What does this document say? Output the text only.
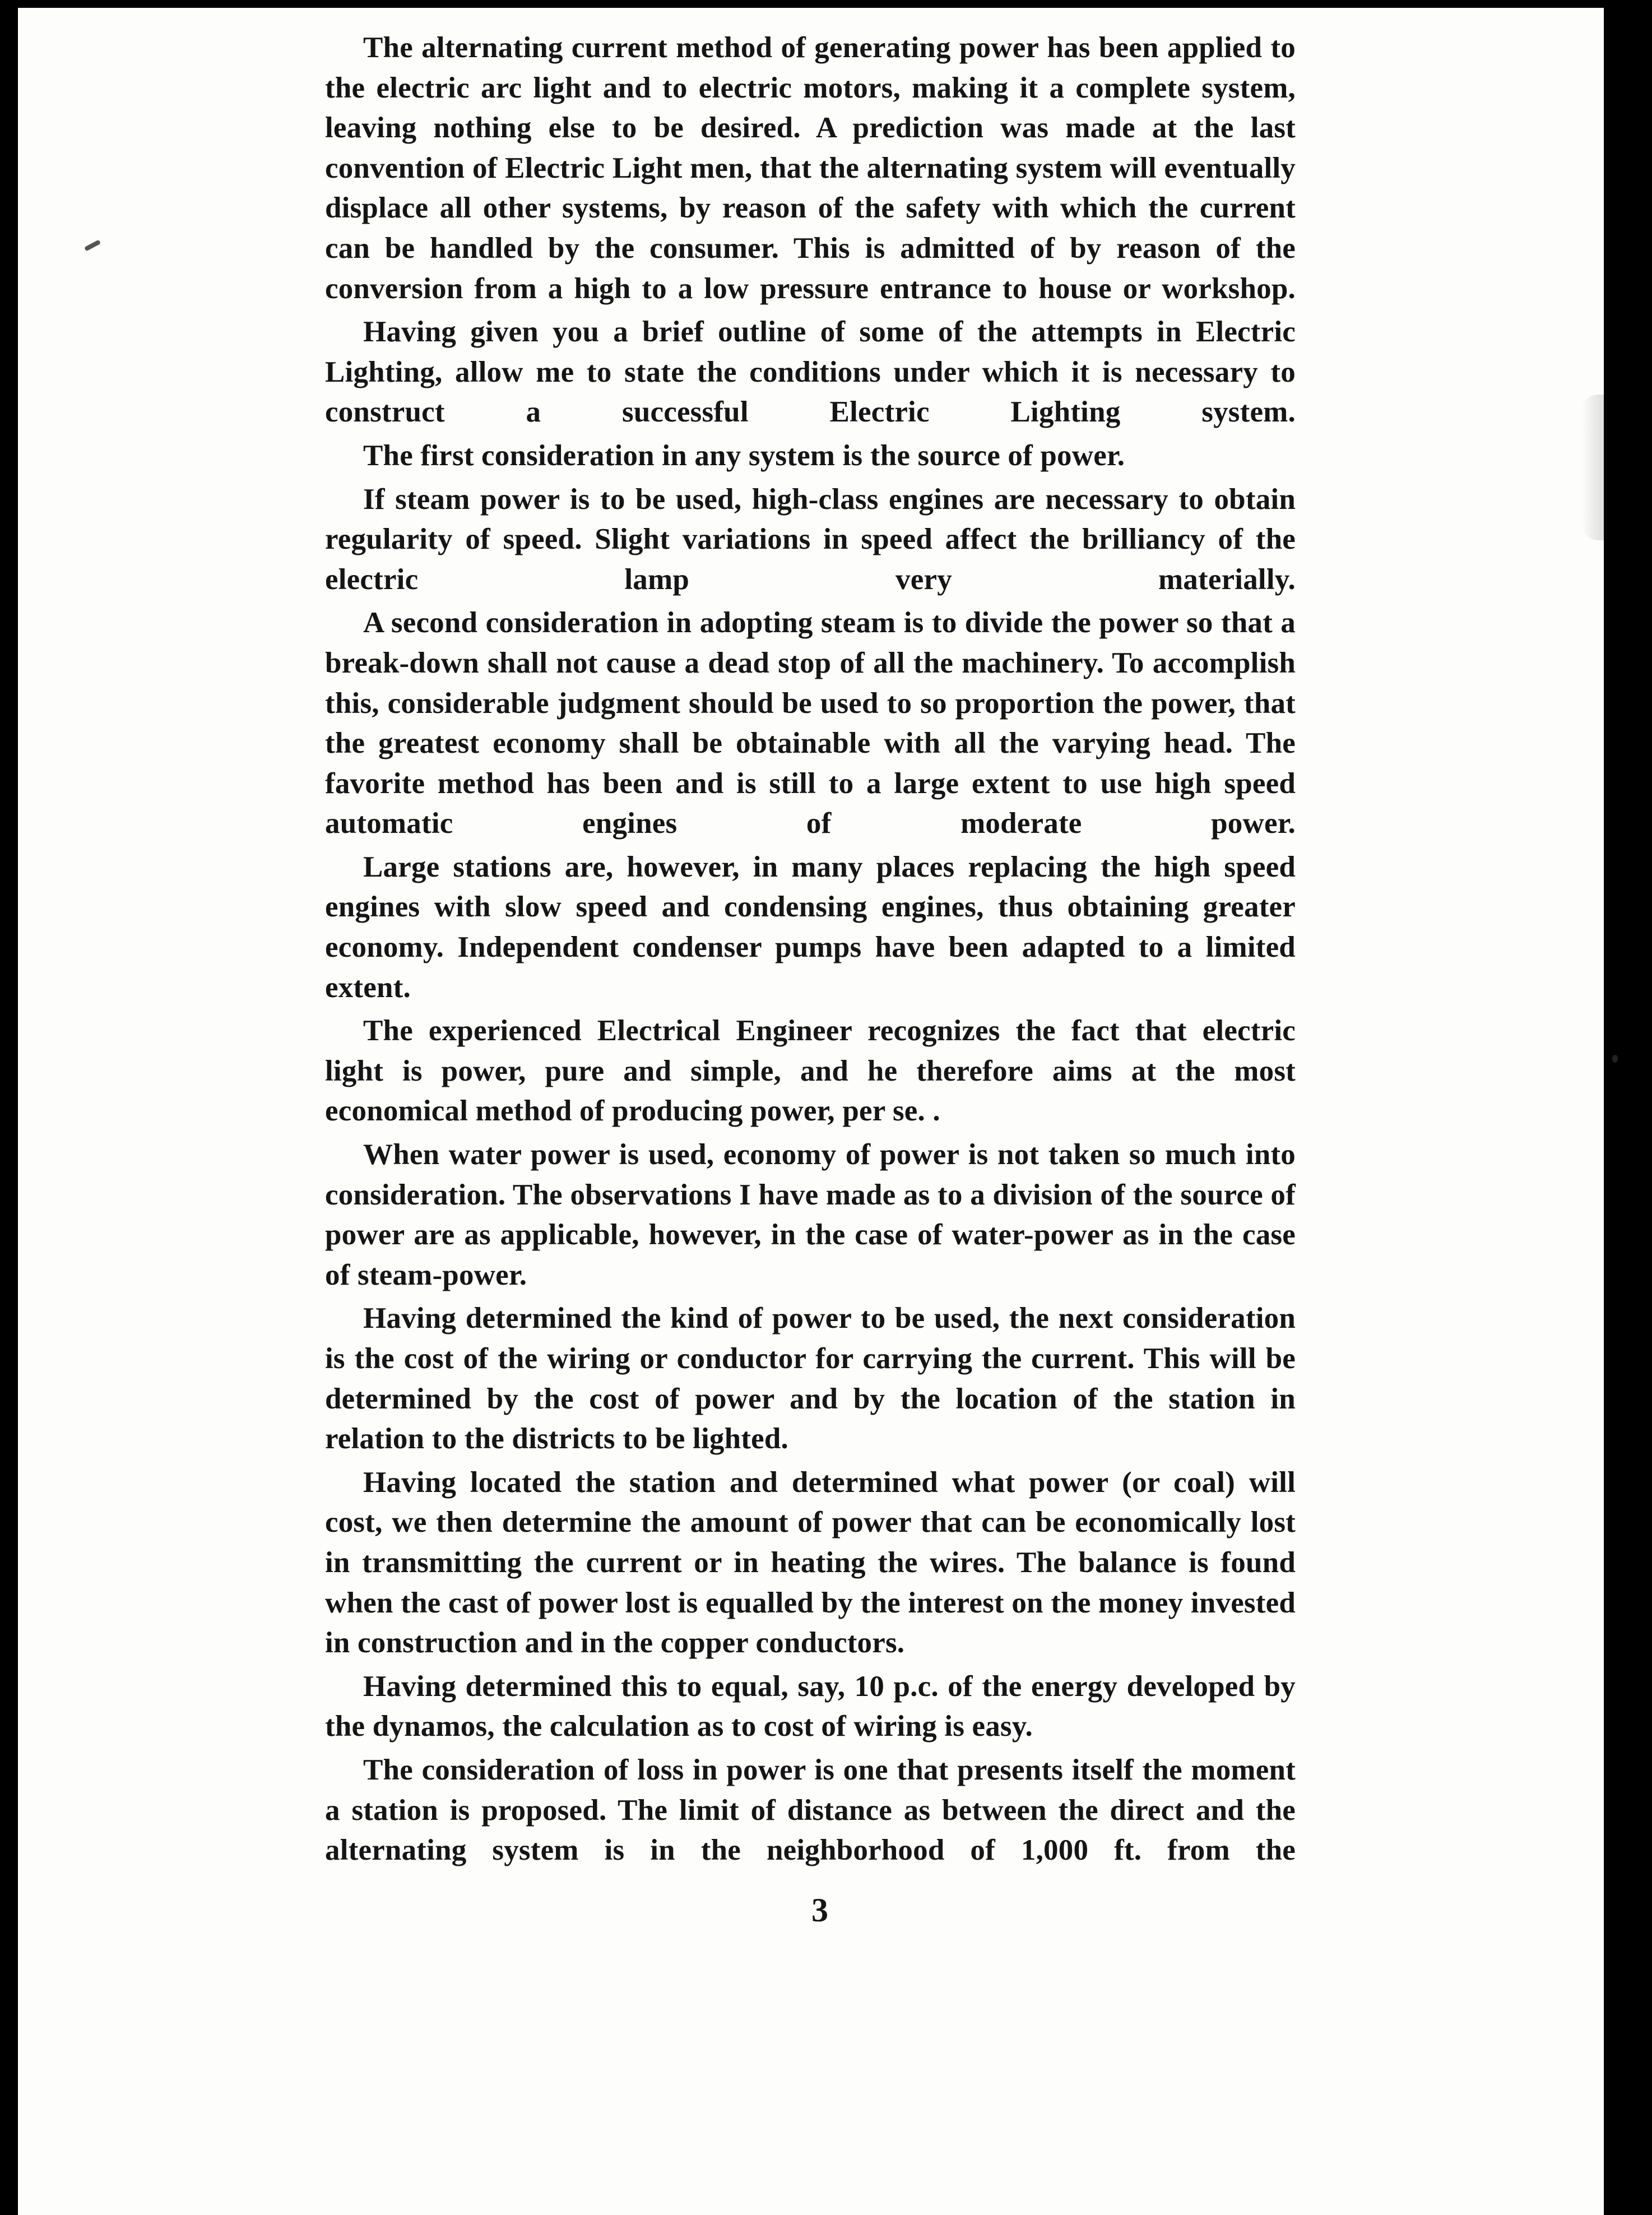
The alternating current method of generating power has been applied to the electric arc light and to electric motors, making it a complete system, leaving nothing else to be desired. A prediction was made at the last convention of Electric Light men, that the alternating system will eventually displace all other systems, by reason of the safety with which the current can be handled by the consumer. This is admitted of by reason of the conversion from a high to a low pressure entrance to house or workshop.

Having given you a brief outline of some of the attempts in Electric Lighting, allow me to state the conditions under which it is necessary to construct a successful Electric Lighting system.

The first consideration in any system is the source of power.

If steam power is to be used, high-class engines are necessary to obtain regularity of speed. Slight variations in speed affect the brilliancy of the electric lamp very materially.

A second consideration in adopting steam is to divide the power so that a break-down shall not cause a dead stop of all the machinery. To accomplish this, considerable judgment should be used to so proportion the power, that the greatest economy shall be obtainable with all the varying head. The favorite method has been and is still to a large extent to use high speed automatic engines of moderate power.

Large stations are, however, in many places replacing the high speed engines with slow speed and condensing engines, thus obtaining greater economy. Independent condenser pumps have been adapted to a limited extent.

The experienced Electrical Engineer recognizes the fact that electric light is power, pure and simple, and he therefore aims at the most economical method of producing power, per se. .

When water power is used, economy of power is not taken so much into consideration. The observations I have made as to a division of the source of power are as applicable, however, in the case of water-power as in the case of steam-power.

Having determined the kind of power to be used, the next consideration is the cost of the wiring or conductor for carrying the current. This will be determined by the cost of power and by the location of the station in relation to the districts to be lighted.

Having located the station and determined what power (or coal) will cost, we then determine the amount of power that can be economically lost in transmitting the current or in heating the wires. The balance is found when the cast of power lost is equalled by the interest on the money invested in construction and in the copper conductors.

Having determined this to equal, say, 10 p.c. of the energy developed by the dynamos, the calculation as to cost of wiring is easy.

The consideration of loss in power is one that presents itself the moment a station is proposed. The limit of distance as between the direct and the alternating system is in the neighborhood of 1,000 ft. from the

3
